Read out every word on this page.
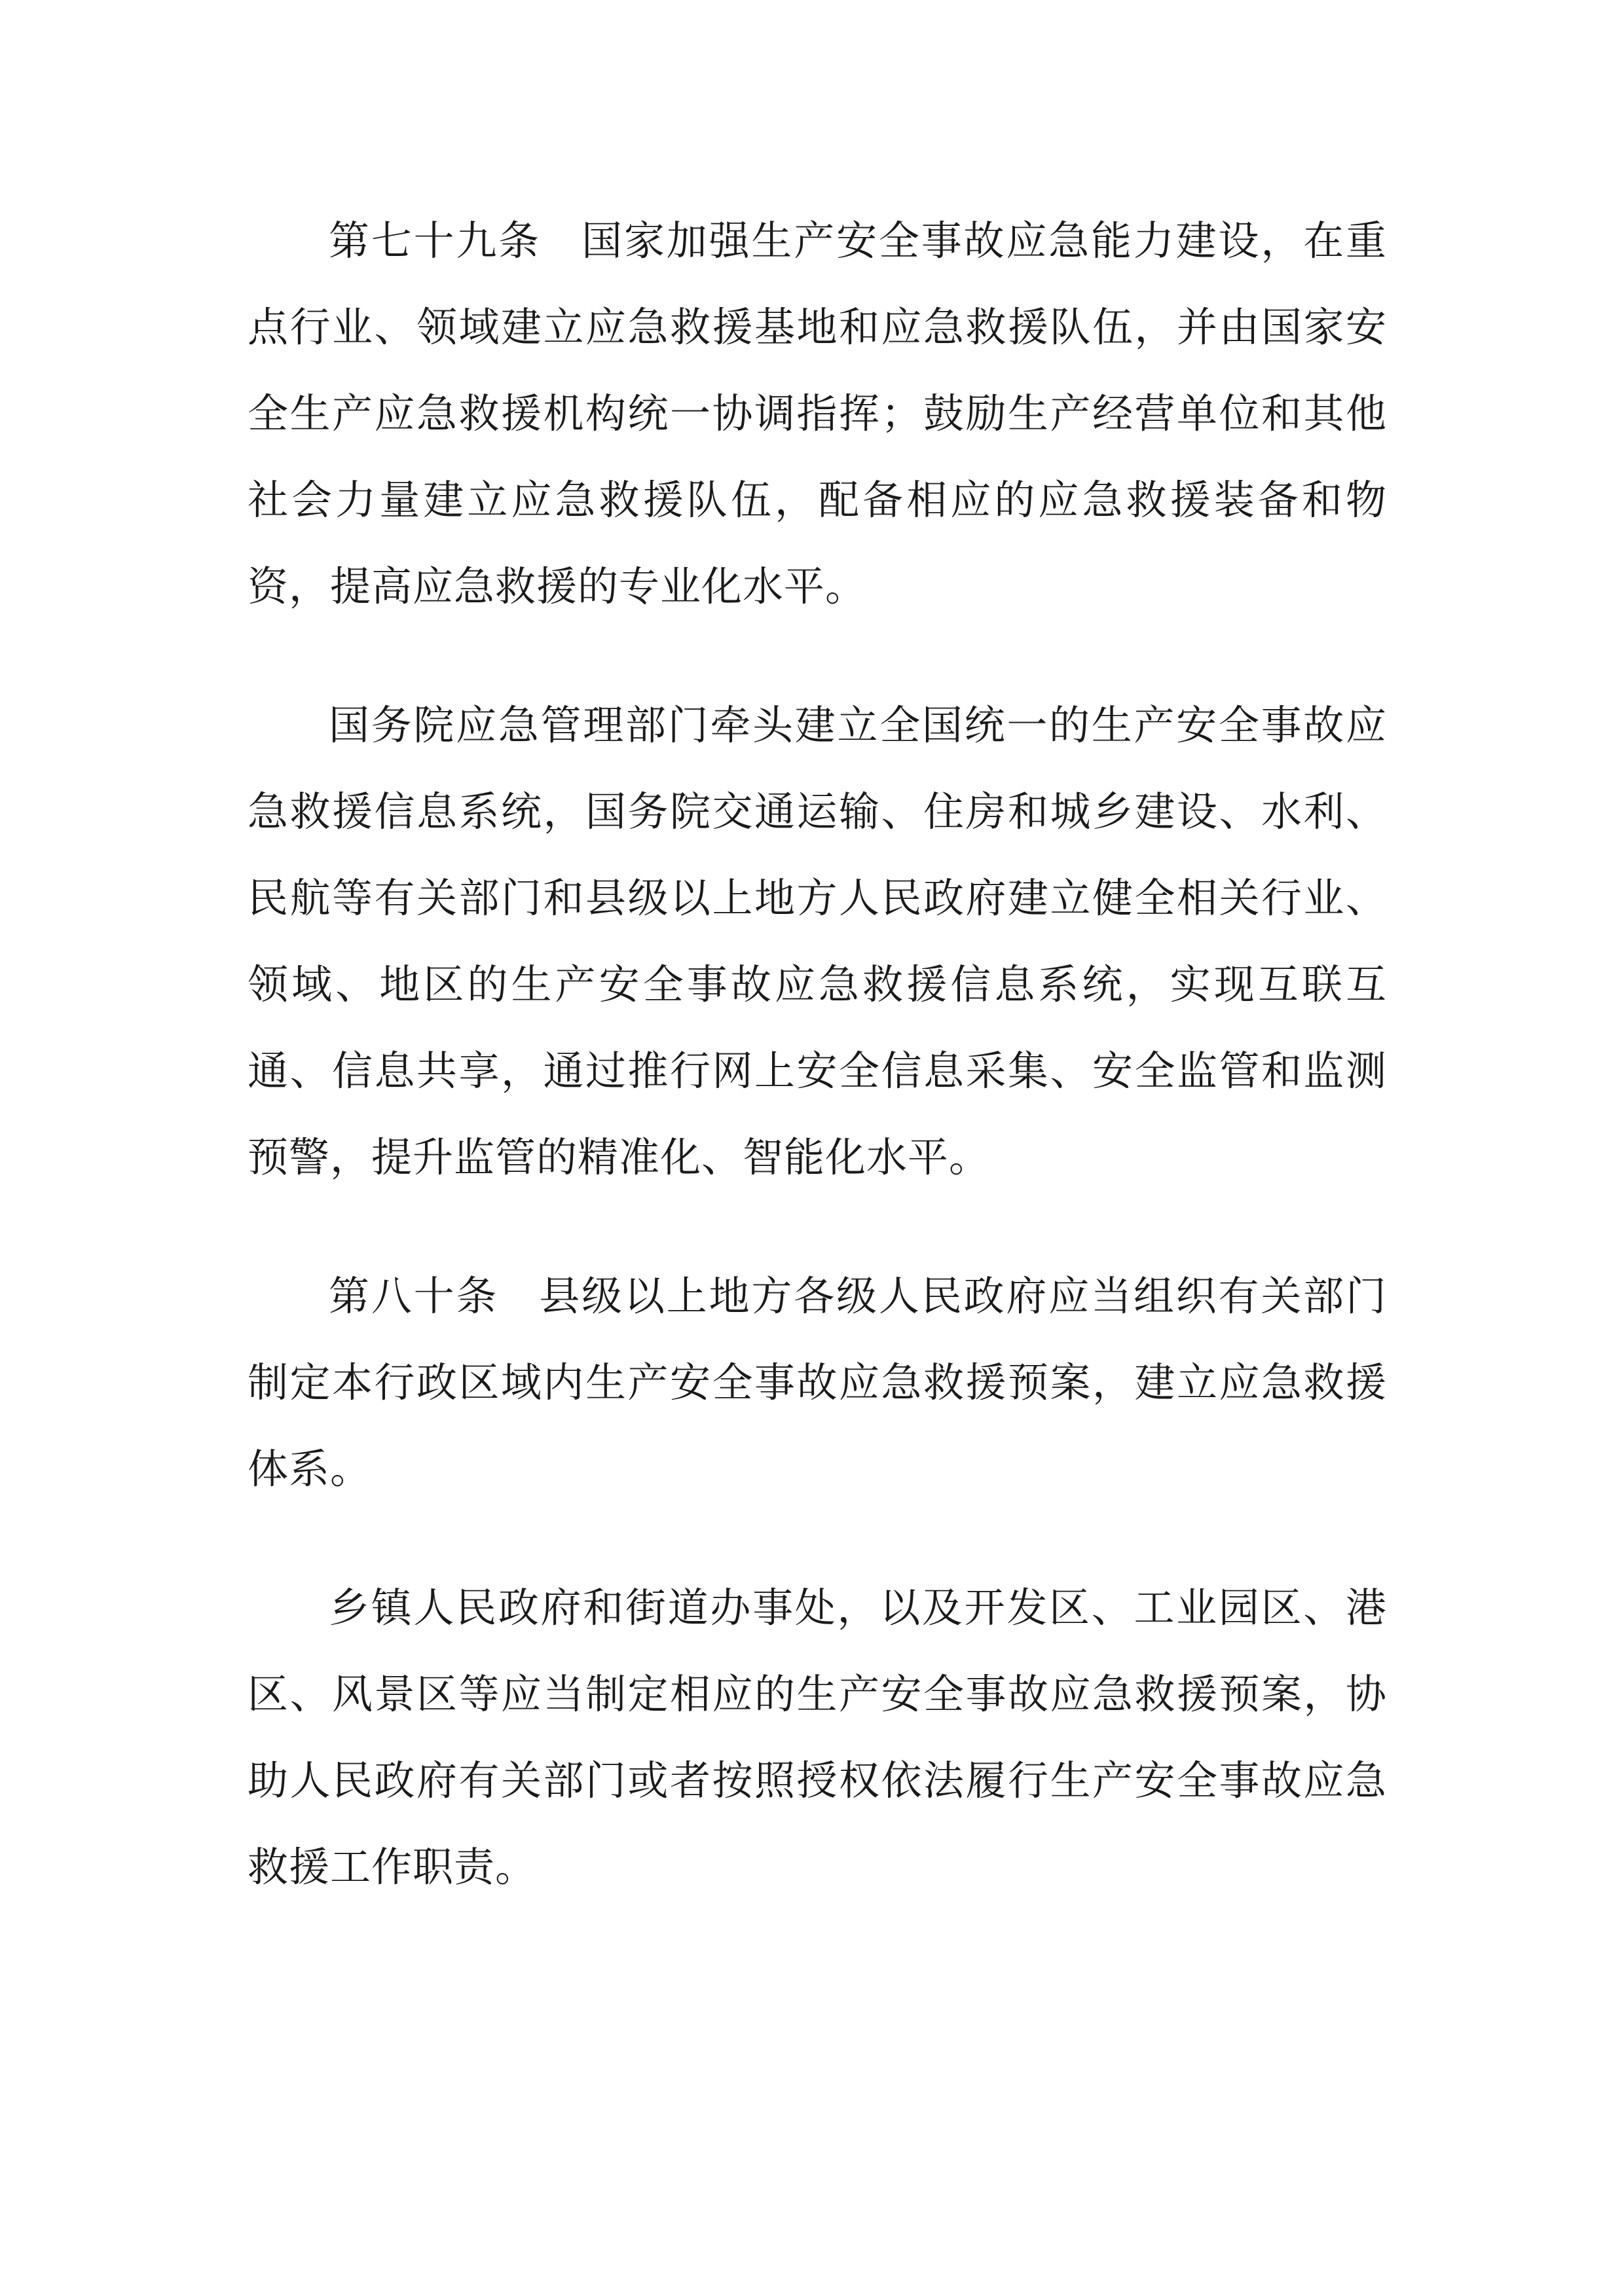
第七十九条 国家加强生产安全事故应急能力建设，在重点行业、领域建立应急救援基地和应急救援队伍，并由国家安全生产应急救援机构统一协调指挥；鼓励生产经营单位和其他社会力量建立应急救援队伍，配备相应的应急救援装备和物资，提高应急救援的专业化水平。

国务院应急管理部门牵头建立全国统一的生产安全事故应急救援信息系统，国务院交通运输、住房和城乡建设、水利、民航等有关部门和县级以上地方人民政府建立健全相关行业、领域、地区的生产安全事故应急救援信息系统，实现互联互通、信息共享，通过推行网上安全信息采集、安全监管和监测预警，提升监管的精准化、智能化水平。

第八十条 县级以上地方各级人民政府应当组织有关部门制定本行政区域内生产安全事故应急救援预案，建立应急救援体系。

乡镇人民政府和街道办事处，以及开发区、工业园区、港区、风景区等应当制定相应的生产安全事故应急救援预案，协助人民政府有关部门或者按照授权依法履行生产安全事故应急救援工作职责。
